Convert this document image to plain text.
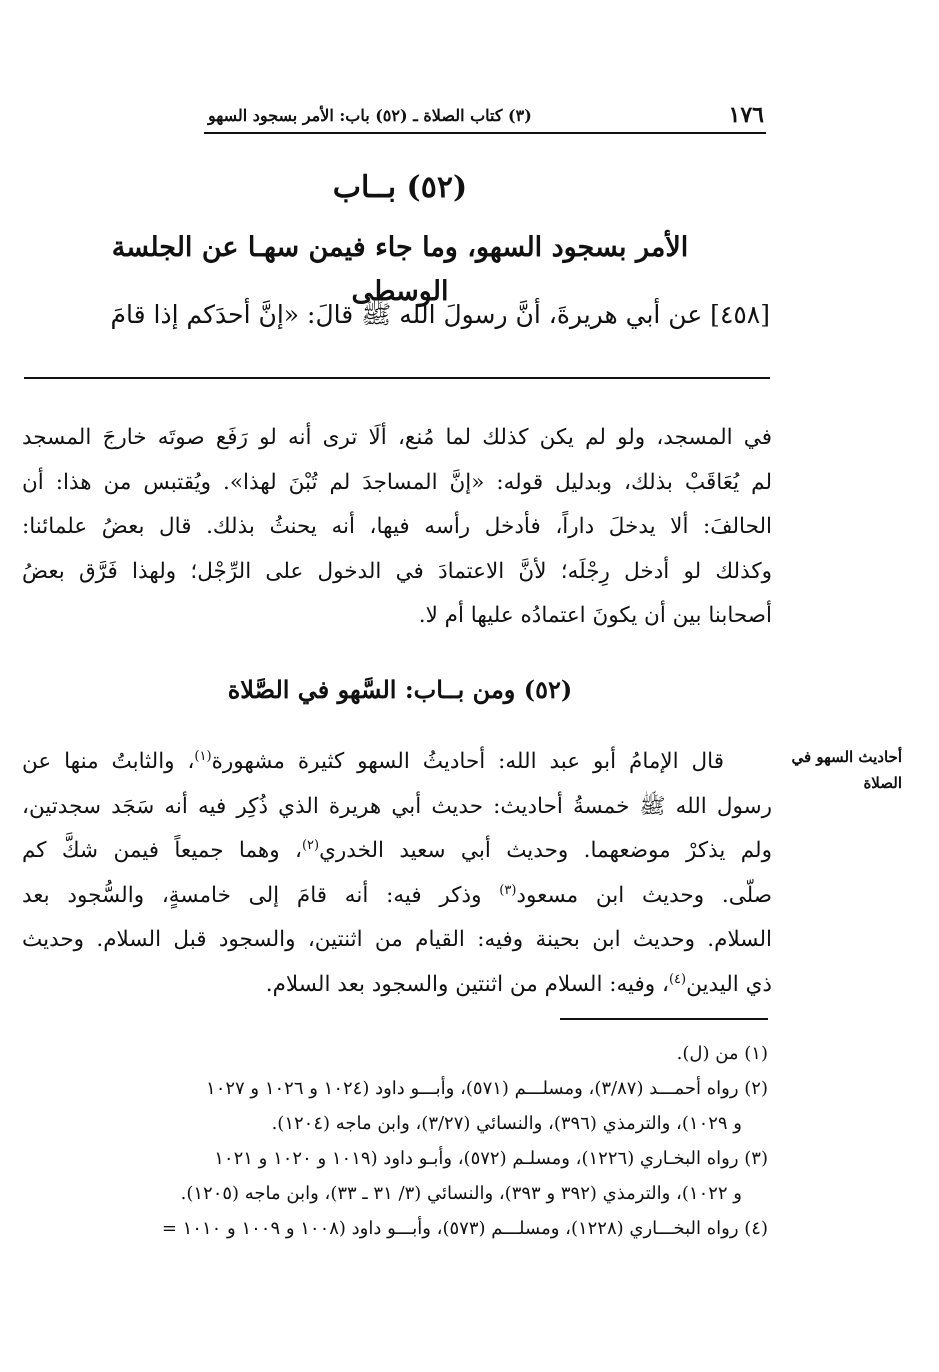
١٧٦
(٣) كتاب الصلاة ـ (٥٢) باب: الأمر بسجود السهو
(٥٢) بــاب
الأمر بسجود السهو، وما جاء فيمن سهـا عن الجلسة الوسطى
[٤٥٨] عن أبي هريرةَ، أنَّ رسولَ الله ﷺ قالَ: «إنَّ أحدَكم إذا قامَ
في المسجد، ولو لم يكن كذلك لما مُنع، ألَا ترى أنه لو رَفَع صوتَه خارجَ المسجد
لم يُعَاقَبْ بذلك، وبدليل قوله: «إنَّ المساجدَ لم تُبْنَ لهذا». ويُقتبس من هذا: أن
الحالفَ: ألا يدخلَ داراً، فأدخل رأسه فيها، أنه يحنثُ بذلك. قال بعضُ علمائنا:
وكذلك لو أدخل رِجْلَه؛ لأنَّ الاعتمادَ في الدخول على الرِّجْل؛ ولهذا فَرَّق بعضُ
أصحابنا بين أن يكونَ اعتمادُه عليها أم لا.
(٥٢) ومن بــاب: السَّهو في الصَّلاة
أحاديث السهو في الصلاة
قال الإمامُ أبو عبد الله: أحاديثُ السهو كثيرة مشهورة$^{(١)}$، والثابتُ منها عن
رسول الله ﷺ خمسةُ أحاديث: حديث أبي هريرة الذي ذُكِر فيه أنه سَجَد سجدتين،
ولم يذكرْ موضعهما. وحديث أبي سعيد الخدري$^{(٢)}$، وهما جميعاً فيمن شكَّ كم
صلّى. وحديث ابن مسعود$^{(٣)}$ وذكر فيه: أنه قامَ إلى خامسةٍ، والسُّجود بعد
السلام. وحديث ابن بحينة وفيه: القيام من اثنتين، والسجود قبل السلام. وحديث
ذي اليدين$^{(٤)}$، وفيه: السلام من اثنتين والسجود بعد السلام.
(١) من (ل).
(٢) رواه أحمـــد (٣/٨٧)، ومسلـــم (٥٧١)، وأبـــو داود (١٠٢٤ و ١٠٢٦ و ١٠٢٧
و ١٠٢٩)، والترمذي (٣٩٦)، والنسائي (٣/٢٧)، وابن ماجه (١٢٠٤).
(٣) رواه البخـاري (١٢٢٦)، ومسلـم (٥٧٢)، وأبـو داود (١٠١٩ و ١٠٢٠ و ١٠٢١
و ١٠٢٢)، والترمذي (٣٩٢ و ٣٩٣)، والنسائي (٣/ ٣١ ـ ٣٣)، وابن ماجه (١٢٠٥).
(٤) رواه البخـــاري (١٢٢٨)، ومسلـــم (٥٧٣)، وأبـــو داود (١٠٠٨ و ١٠٠٩ و ١٠١٠ =
